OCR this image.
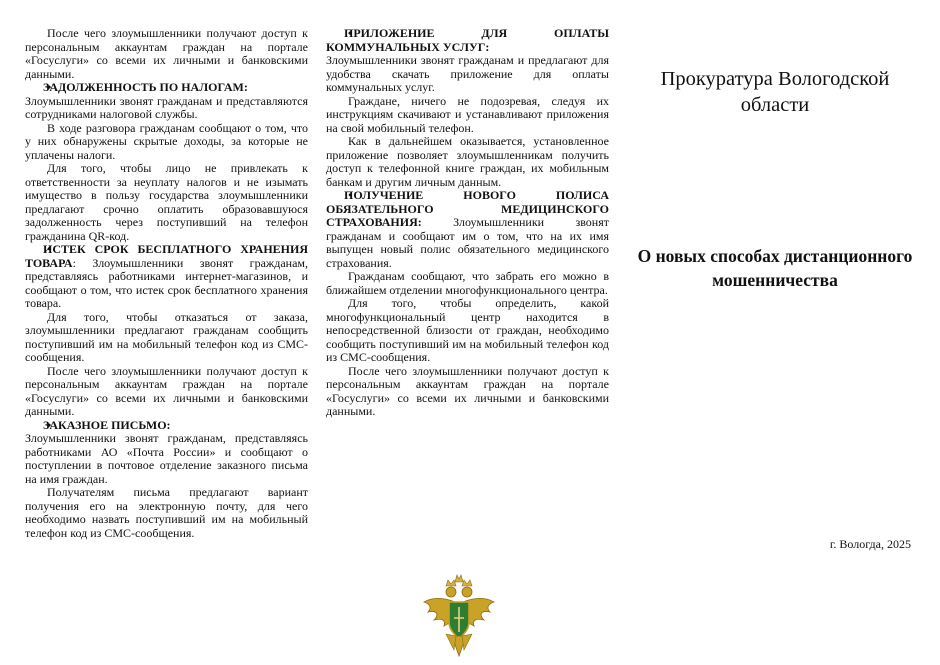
После чего злоумышленники получают доступ к персональным аккаунтам граждан на портале «Госуслуги» со всеми их личными и банковскими данными.

• ЗАДОЛЖЕННОСТЬ ПО НАЛОГАМ:

Злоумышленники звонят гражданам и представляются сотрудниками налоговой службы.

В ходе разговора гражданам сообщают о том, что у них обнаружены скрытые доходы, за которые не уплачены налоги.

Для того, чтобы лицо не привлекать к ответственности за неуплату налогов и не изымать имущество в пользу государства злоумышленники предлагают срочно оплатить образовавшуюся задолженность через поступивший на телефон гражданина QR-код.

• ИСТЕК СРОК БЕСПЛАТНОГО ХРАНЕНИЯ ТОВАРА: Злоумышленники звонят гражданам, представляясь работниками интернет-магазинов, и сообщают о том, что истек срок бесплатного хранения товара.

Для того, чтобы отказаться от заказа, злоумышленники предлагают гражданам сообщить поступивший им на мобильный телефон код из СМС-сообщения.

После чего злоумышленники получают доступ к персональным аккаунтам граждан на портале «Госуслуги» со всеми их личными и банковскими данными.

• ЗАКАЗНОЕ ПИСЬМО:

Злоумышленники звонят гражданам, представляясь работниками АО «Почта России» и сообщают о поступлении в почтовое отделение заказного письма на имя граждан.

Получателям письма предлагают вариант получения его на электронную почту, для чего необходимо назвать поступивший им на мобильный телефон код из СМС-сообщения.

• ПРИЛОЖЕНИЕ ДЛЯ ОПЛАТЫ КОММУНАЛЬНЫХ УСЛУГ:

Злоумышленники звонят гражданам и предлагают для удобства скачать приложение для оплаты коммунальных услуг.

Граждане, ничего не подозревая, следуя их инструкциям скачивают и устанавливают приложения на свой мобильный телефон.

Как в дальнейшем оказывается, установленное приложение позволяет злоумышленникам получить доступ к телефонной книге граждан, их мобильным банкам и другим личным данным.

• ПОЛУЧЕНИЕ НОВОГО ПОЛИСА ОБЯЗАТЕЛЬНОГО МЕДИЦИНСКОГО СТРАХОВАНИЯ: Злоумышленники звонят гражданам и сообщают им о том, что на их имя выпущен новый полис обязательного медицинского страхования.

Гражданам сообщают, что забрать его можно в ближайшем отделении многофункционального центра.

Для того, чтобы определить, какой многофункциональный центр находится в непосредственной близости от граждан, необходимо сообщить поступивший им на мобильный телефон код из СМС-сообщения.

После чего злоумышленники получают доступ к персональным аккаунтам граждан на портале «Госуслуги» со всеми их личными и банковскими данными.

Прокуратура Вологодской области
О новых способах дистанционного мошенничества
г. Вологда, 2025
